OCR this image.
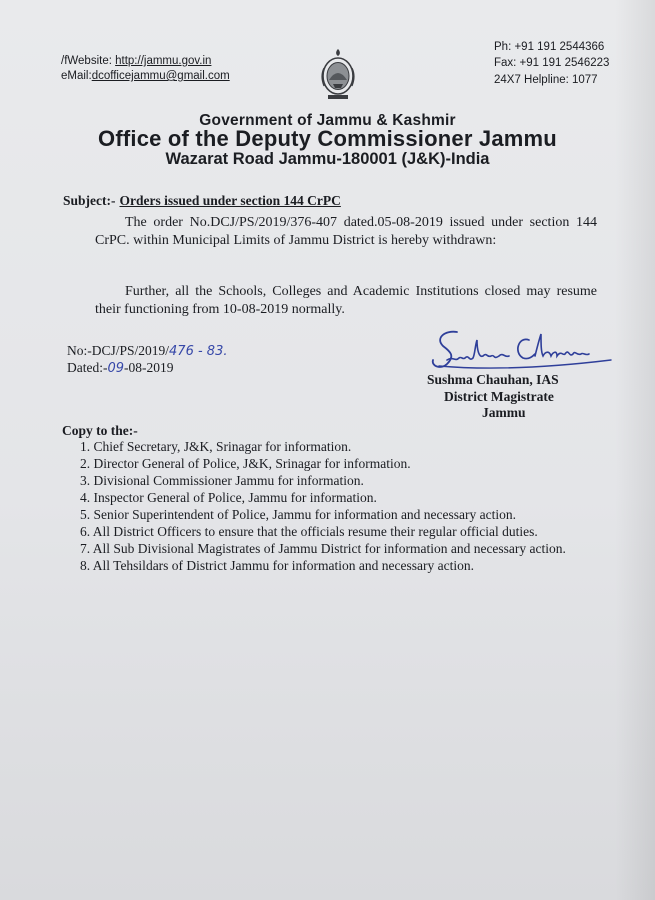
/fWebsite: http://jammu.gov.in
eMail:dcofficejammu@gmail.com
Ph: +91 191 2544366
Fax: +91 191 2546223
24X7 Helpline: 1077
Government of Jammu & Kashmir
Office of the Deputy Commissioner Jammu
Wazarat Road Jammu-180001 (J&K)-India
Subject:- Orders issued under section 144 CrPC
The order No.DCJ/PS/2019/376-407 dated.05-08-2019 issued under section 144 CrPC. within Municipal Limits of Jammu District is hereby withdrawn:
Further, all the Schools, Colleges and Academic Institutions closed may resume their functioning from 10-08-2019 normally.
No:-DCJ/PS/2019/476 - 83.
Dated:-09-08-2019
Sushma Chauhan, IAS
District Magistrate
Jammu
Copy to the:-
1. Chief Secretary, J&K, Srinagar for information.
2. Director General of Police, J&K, Srinagar for information.
3. Divisional Commissioner Jammu for information.
4. Inspector General of Police, Jammu for information.
5. Senior Superintendent of Police, Jammu for information and necessary action.
6. All District Officers to ensure that the officials resume their regular official duties.
7. All Sub Divisional Magistrates of Jammu District for information and necessary action.
8. All Tehsildars of District Jammu for information and necessary action.
